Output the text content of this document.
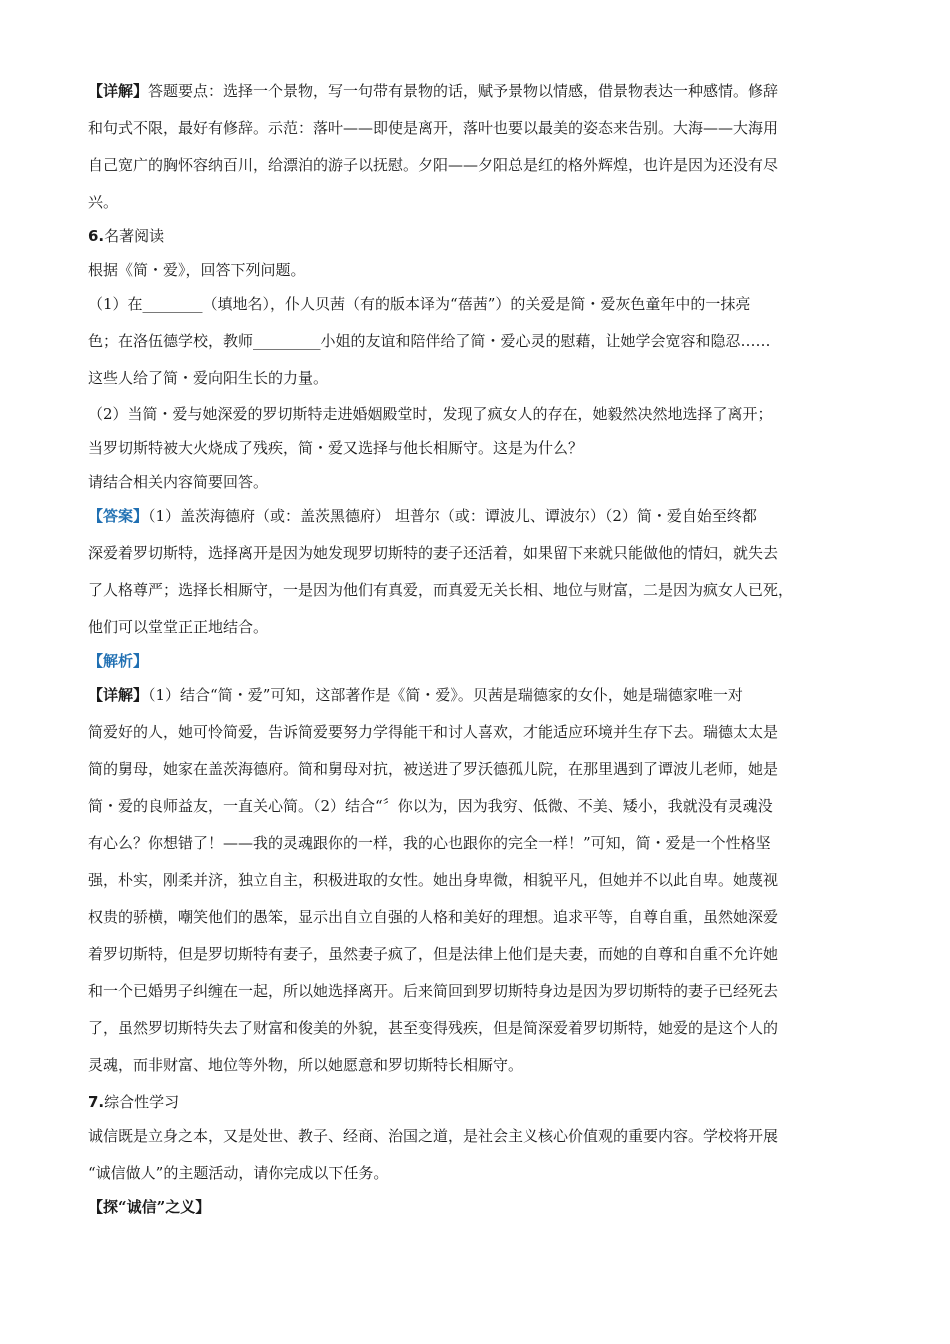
【详解】答题要点：选择一个景物，写一句带有景物的话，赋予景物以情感，借景物表达一种感情。修辞
和句式不限，最好有修辞。示范：落叶——即使是离开，落叶也要以最美的姿态来告别。大海——大海用
自己宽广的胸怀容纳百川，给漂泊的游子以抚慰。夕阳——夕阳总是红的格外辉煌，也许是因为还没有尽
兴。
6.名著阅读
根据《简・爱》，回答下列问题。
（1）在________（填地名），仆人贝茜（有的版本译为“蓓茜”）的关爱是简・爱灰色童年中的一抹亮
色；在洛伍德学校，教师_________小姐的友谊和陪伴给了简・爱心灵的慰藉，让她学会宽容和隐忍……
这些人给了简・爱向阳生长的力量。
（2）当简・爱与她深爱的罗切斯特走进婚姻殿堂时，发现了疯女人的存在，她毅然决然地选择了离开；
当罗切斯特被大火烧成了残疾，简・爱又选择与他长相厮守。这是为什么？
请结合相关内容简要回答。
【答案】（1）盖茨海德府（或：盖茨黑德府） 坦普尔（或：谭波儿、谭波尔）（2）简・爱自始至终都
深爱着罗切斯特，选择离开是因为她发现罗切斯特的妻子还活着，如果留下来就只能做他的情妇，就失去
了人格尊严；选择长相厮守，一是因为他们有真爱，而真爱无关长相、地位与财富，二是因为疯女人已死，
他们可以堂堂正正地结合。
【解析】
【详解】（1）结合“简・爱”可知，这部著作是《简・爱》。贝茜是瑞德家的女仆，她是瑞德家唯一对
简爱好的人，她可怜简爱，告诉简爱要努力学得能干和讨人喜欢，才能适应环境并生存下去。瑞德太太是
简的舅母，她家在盖茨海德府。简和舅母对抗，被送进了罗沃德孤儿院，在那里遇到了谭波儿老师，她是
简・爱的良师益友，一直关心简。（2）结合“〞你以为，因为我穷、低微、不美、矮小，我就没有灵魂没
有心么？你想错了！——我的灵魂跟你的一样，我的心也跟你的完全一样！”可知，简・爱是一个性格坚
强，朴实，刚柔并济，独立自主，积极进取的女性。她出身卑微，相貌平凡，但她并不以此自卑。她蔑视
权贵的骄横，嘲笑他们的愚笨，显示出自立自强的人格和美好的理想。追求平等，自尊自重，虽然她深爱
着罗切斯特，但是罗切斯特有妻子，虽然妻子疯了，但是法律上他们是夫妻，而她的自尊和自重不允许她
和一个已婚男子纠缠在一起，所以她选择离开。后来简回到罗切斯特身边是因为罗切斯特的妻子已经死去
了，虽然罗切斯特失去了财富和俊美的外貌，甚至变得残疾，但是简深爱着罗切斯特，她爱的是这个人的
灵魂，而非财富、地位等外物，所以她愿意和罗切斯特长相厮守。
7.综合性学习
诚信既是立身之本，又是处世、教子、经商、治国之道，是社会主义核心价值观的重要内容。学校将开展
“诚信做人”的主题活动，请你完成以下任务。
【探“诚信”之义】
